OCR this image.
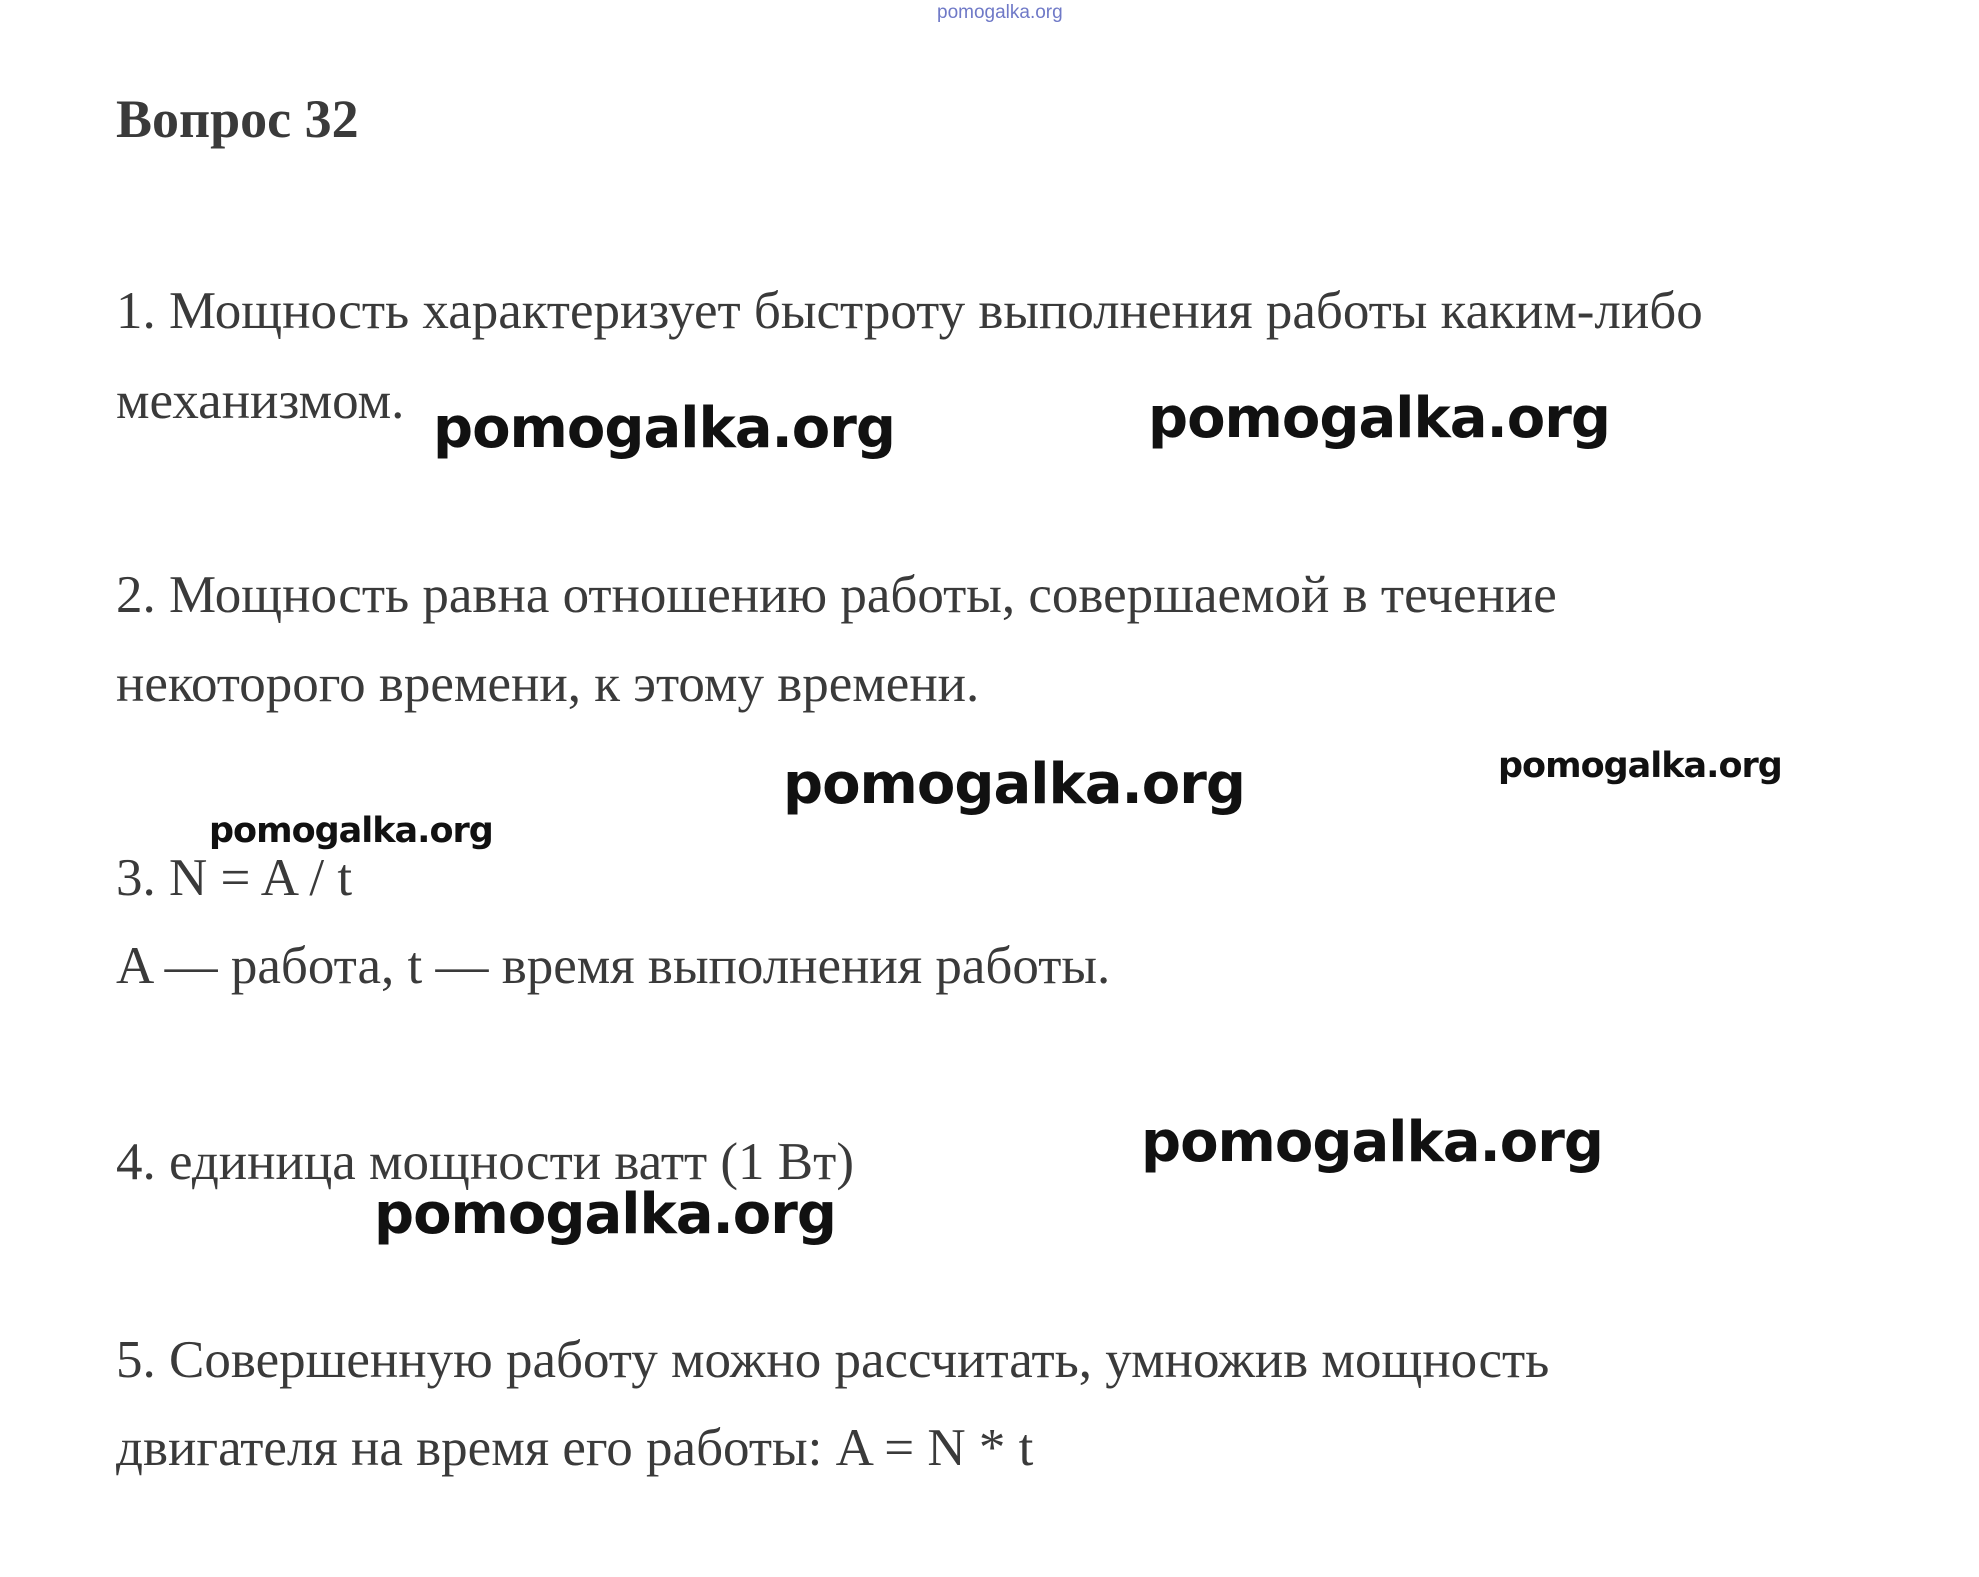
pomogalka.org
Вопрос 32

1. Мощность характеризует быстроту выполнения работы каким-либо

механизмом.

2. Мощность равна отношению работы, совершаемой в течение

некоторого времени, к этому времени.

3. N = A / t

A — работа, t — время выполнения работы.

4. единица мощности ватт (1 Вт)

5. Совершенную работу можно рассчитать, умножив мощность

двигателя на время его работы: A = N * t

pomogalka.org	pomogalka.org
pomogalka.org	pomogalka.org
pomogalka.org
pomogalka.org
pomogalka.org
